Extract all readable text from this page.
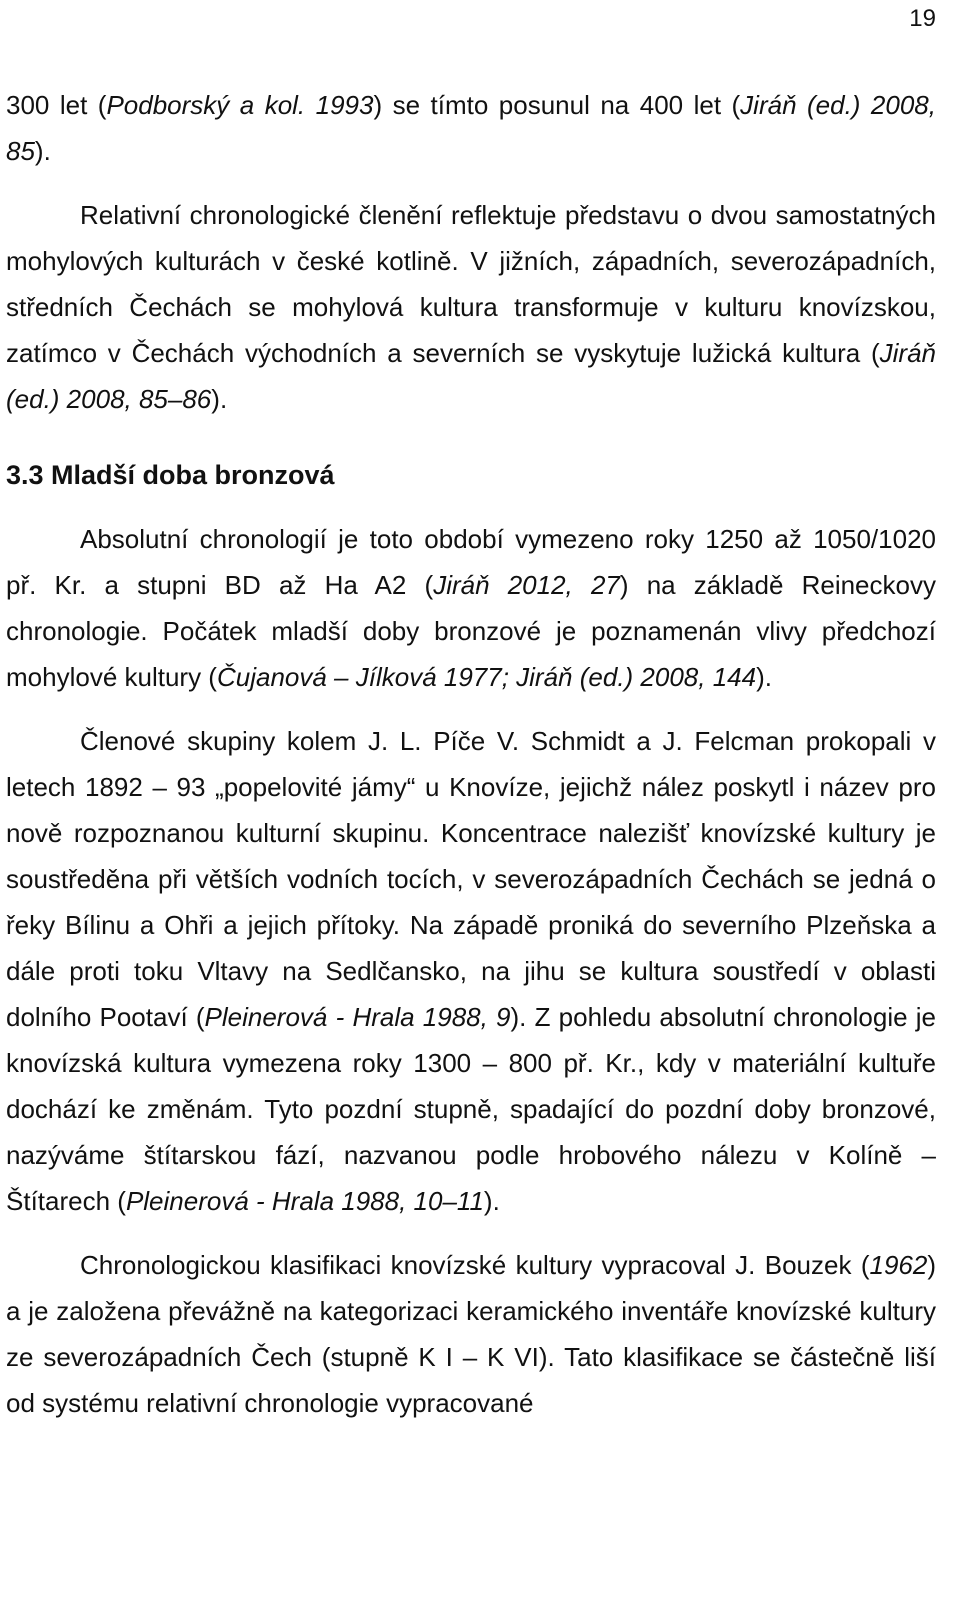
19

300 let (Podborský a kol. 1993) se tímto posunul na 400 let (Jiráň (ed.) 2008, 85).

Relativní chronologické členění reflektuje představu o dvou samostatných mohylových kulturách v české kotlině. V jižních, západních, severozápadních, středních Čechách se mohylová kultura transformuje v kulturu knovízskou, zatímco v Čechách východních a severních se vyskytuje lužická kultura (Jiráň (ed.) 2008, 85–86).

3.3 Mladší doba bronzová

Absolutní chronologií je toto období vymezeno roky 1250 až 1050/1020 př. Kr. a stupni BD až Ha A2 (Jiráň 2012, 27) na základě Reineckovy chronologie. Počátek mladší doby bronzové je poznamenán vlivy předchozí mohylové kultury (Čujanová – Jílková 1977; Jiráň (ed.) 2008, 144).

Členové skupiny kolem J. L. Píče V. Schmidt a J. Felcman prokopali v letech 1892 – 93 „popelovité jámy“ u Knovíze, jejichž nález poskytl i název pro nově rozpoznanou kulturní skupinu. Koncentrace nalezišť knovízské kultury je soustředěna při větších vodních tocích, v severozápadních Čechách se jedná o řeky Bílinu a Ohři a jejich přítoky. Na západě proniká do severního Plzeňska a dále proti toku Vltavy na Sedlčansko, na jihu se kultura soustředí v oblasti dolního Pootaví (Pleinerová - Hrala 1988, 9). Z pohledu absolutní chronologie je knovízská kultura vymezena roky 1300 – 800 př. Kr., kdy v materiální kultuře dochází ke změnám. Tyto pozdní stupně, spadající do pozdní doby bronzové, nazýváme štítarskou fází, nazvanou podle hrobového nálezu v Kolíně – Štítarech (Pleinerová - Hrala 1988, 10–11).

Chronologickou klasifikaci knovízské kultury vypracoval J. Bouzek (1962) a je založena převážně na kategorizaci keramického inventáře knovízské kultury ze severozápadních Čech (stupně K I – K VI). Tato klasifikace se částečně liší od systému relativní chronologie vypracované
